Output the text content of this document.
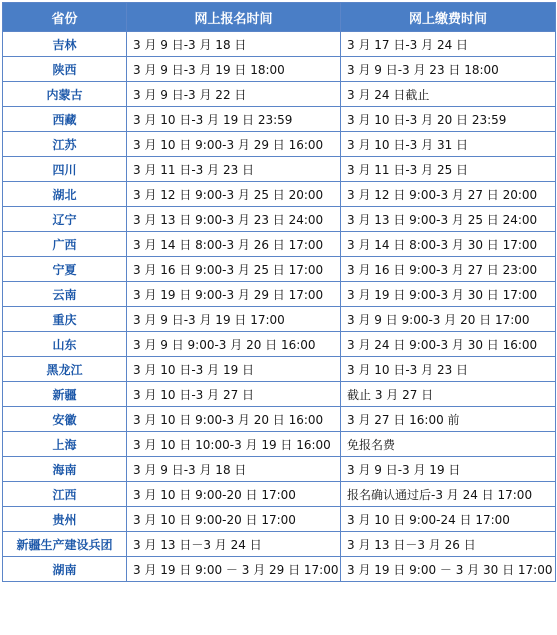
省份	网上报名时间	网上缴费时间
吉林	3 月 9 日-3 月 18 日	3 月 17 日-3 月 24 日
陕西	3 月 9 日-3 月 19 日 18:00	3 月 9 日-3 月 23 日 18:00
内蒙古	3 月 9 日-3 月 22 日	3 月 24 日截止
西藏	3 月 10 日-3 月 19 日 23:59	3 月 10 日-3 月 20 日 23:59
江苏	3 月 10 日 9:00-3 月 29 日 16:00	3 月 10 日-3 月 31 日
四川	3 月 11 日-3 月 23 日	3 月 11 日-3 月 25 日
湖北	3 月 12 日 9:00-3 月 25 日 20:00	3 月 12 日 9:00-3 月 27 日 20:00
辽宁	3 月 13 日 9:00-3 月 23 日 24:00	3 月 13 日 9:00-3 月 25 日 24:00
广西	3 月 14 日 8:00-3 月 26 日 17:00	3 月 14 日 8:00-3 月 30 日 17:00
宁夏	3 月 16 日 9:00-3 月 25 日 17:00	3 月 16 日 9:00-3 月 27 日 23:00
云南	3 月 19 日 9:00-3 月 29 日 17:00	3 月 19 日 9:00-3 月 30 日 17:00
重庆	3 月 9 日-3 月 19 日 17:00	3 月 9 日 9:00-3 月 20 日 17:00
山东	3 月 9 日 9:00-3 月 20 日 16:00	3 月 24 日 9:00-3 月 30 日 16:00
黑龙江	3 月 10 日-3 月 19 日	3 月 10 日-3 月 23 日
新疆	3 月 10 日-3 月 27 日	截止 3 月 27 日
安徽	3 月 10 日 9:00-3 月 20 日 16:00	3 月 27 日 16:00 前
上海	3 月 10 日 10:00-3 月 19 日 16:00	免报名费
海南	3 月 9 日-3 月 18 日	3 月 9 日-3 月 19 日
江西	3 月 10 日 9:00-20 日 17:00	报名确认通过后-3 月 24 日 17:00
贵州	3 月 10 日 9:00-20 日 17:00	3 月 10 日 9:00-24 日 17:00
新疆生产建设兵团	3 月 13 日－3 月 24 日	3 月 13 日－3 月 26 日
湖南	3 月 19 日 9:00 － 3 月 29 日 17:00	3 月 19 日 9:00 － 3 月 30 日 17:00
